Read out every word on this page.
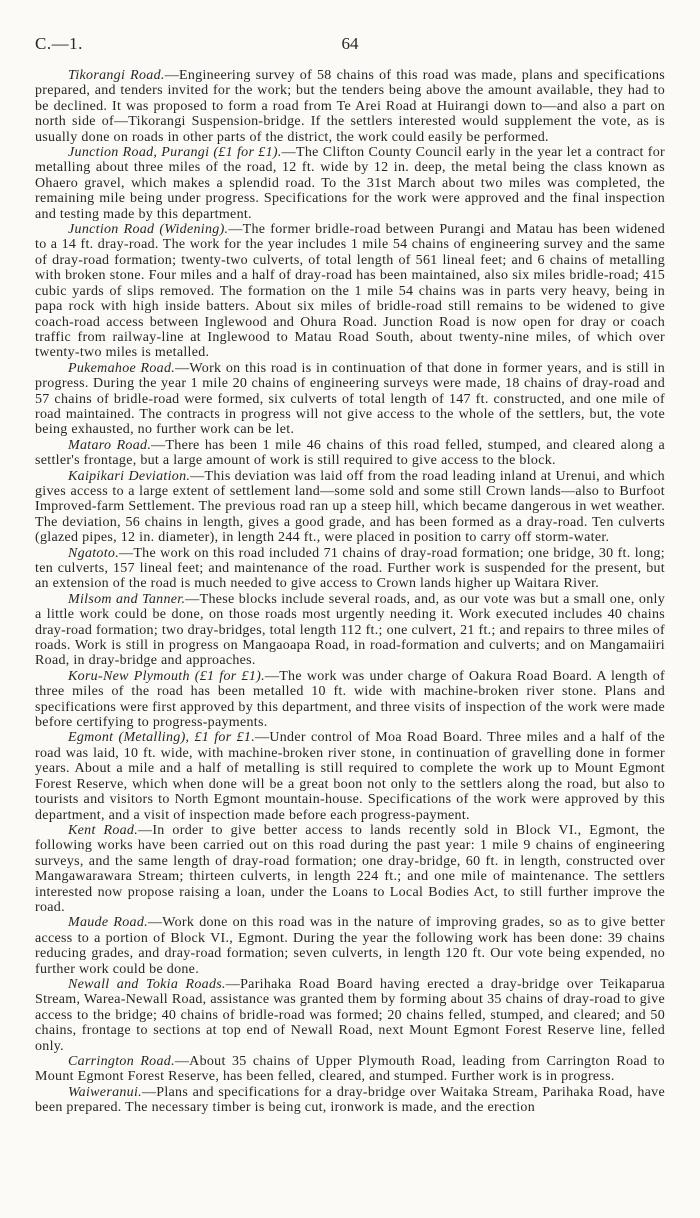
C.—1.	64

Tikorangi Road.—Engineering survey of 58 chains of this road was made, plans and specifications prepared, and tenders invited for the work; but the tenders being above the amount available, they had to be declined. It was proposed to form a road from Te Arei Road at Huirangi down to—and also a part on north side of—Tikorangi Suspension-bridge. If the settlers interested would supplement the vote, as is usually done on roads in other parts of the district, the work could easily be performed.

Junction Road, Purangi (£1 for £1).—The Clifton County Council early in the year let a contract for metalling about three miles of the road, 12 ft. wide by 12 in. deep, the metal being the class known as Ohaero gravel, which makes a splendid road. To the 31st March about two miles was completed, the remaining mile being under progress. Specifications for the work were approved and the final inspection and testing made by this department.

Junction Road (Widening).—The former bridle-road between Purangi and Matau has been widened to a 14 ft. dray-road. The work for the year includes 1 mile 54 chains of engineering survey and the same of dray-road formation; twenty-two culverts, of total length of 561 lineal feet; and 6 chains of metalling with broken stone. Four miles and a half of dray-road has been maintained, also six miles bridle-road; 415 cubic yards of slips removed. The formation on the 1 mile 54 chains was in parts very heavy, being in papa rock with high inside batters. About six miles of bridle-road still remains to be widened to give coach-road access between Inglewood and Ohura Road. Junction Road is now open for dray or coach traffic from railway-line at Inglewood to Matau Road South, about twenty-nine miles, of which over twenty-two miles is metalled.

Pukemahoe Road.—Work on this road is in continuation of that done in former years, and is still in progress. During the year 1 mile 20 chains of engineering surveys were made, 18 chains of dray-road and 57 chains of bridle-road were formed, six culverts of total length of 147 ft. constructed, and one mile of road maintained. The contracts in progress will not give access to the whole of the settlers, but, the vote being exhausted, no further work can be let.

Mataro Road.—There has been 1 mile 46 chains of this road felled, stumped, and cleared along a settler's frontage, but a large amount of work is still required to give access to the block.

Kaipikari Deviation.—This deviation was laid off from the road leading inland at Urenui, and which gives access to a large extent of settlement land—some sold and some still Crown lands—also to Burfoot Improved-farm Settlement. The previous road ran up a steep hill, which became dangerous in wet weather. The deviation, 56 chains in length, gives a good grade, and has been formed as a dray-road. Ten culverts (glazed pipes, 12 in. diameter), in length 244 ft., were placed in position to carry off storm-water.

Ngatoto.—The work on this road included 71 chains of dray-road formation; one bridge, 30 ft. long; ten culverts, 157 lineal feet; and maintenance of the road. Further work is suspended for the present, but an extension of the road is much needed to give access to Crown lands higher up Waitara River.

Milsom and Tanner.—These blocks include several roads, and, as our vote was but a small one, only a little work could be done, on those roads most urgently needing it. Work executed includes 40 chains dray-road formation; two dray-bridges, total length 112 ft.; one culvert, 21 ft.; and repairs to three miles of roads. Work is still in progress on Mangaoapa Road, in road-formation and culverts; and on Mangamaiiri Road, in dray-bridge and approaches.

Koru-New Plymouth (£1 for £1).—The work was under charge of Oakura Road Board. A length of three miles of the road has been metalled 10 ft. wide with machine-broken river stone. Plans and specifications were first approved by this department, and three visits of inspection of the work were made before certifying to progress-payments.

Egmont (Metalling), £1 for £1.—Under control of Moa Road Board. Three miles and a half of the road was laid, 10 ft. wide, with machine-broken river stone, in continuation of gravelling done in former years. About a mile and a half of metalling is still required to complete the work up to Mount Egmont Forest Reserve, which when done will be a great boon not only to the settlers along the road, but also to tourists and visitors to North Egmont mountain-house. Specifications of the work were approved by this department, and a visit of inspection made before each progress-payment.

Kent Road.—In order to give better access to lands recently sold in Block VI., Egmont, the following works have been carried out on this road during the past year: 1 mile 9 chains of engineering surveys, and the same length of dray-road formation; one dray-bridge, 60 ft. in length, constructed over Mangawarawara Stream; thirteen culverts, in length 224 ft.; and one mile of maintenance. The settlers interested now propose raising a loan, under the Loans to Local Bodies Act, to still further improve the road.

Maude Road.—Work done on this road was in the nature of improving grades, so as to give better access to a portion of Block VI., Egmont. During the year the following work has been done: 39 chains reducing grades, and dray-road formation; seven culverts, in length 120 ft. Our vote being expended, no further work could be done.

Newall and Tokia Roads.—Parihaka Road Board having erected a dray-bridge over Teikaparua Stream, Warea-Newall Road, assistance was granted them by forming about 35 chains of dray-road to give access to the bridge; 40 chains of bridle-road was formed; 20 chains felled, stumped, and cleared; and 50 chains, frontage to sections at top end of Newall Road, next Mount Egmont Forest Reserve line, felled only.

Carrington Road.—About 35 chains of Upper Plymouth Road, leading from Carrington Road to Mount Egmont Forest Reserve, has been felled, cleared, and stumped. Further work is in progress.

Waiweranui.—Plans and specifications for a dray-bridge over Waitaka Stream, Parihaka Road, have been prepared. The necessary timber is being cut, ironwork is made, and the erection
